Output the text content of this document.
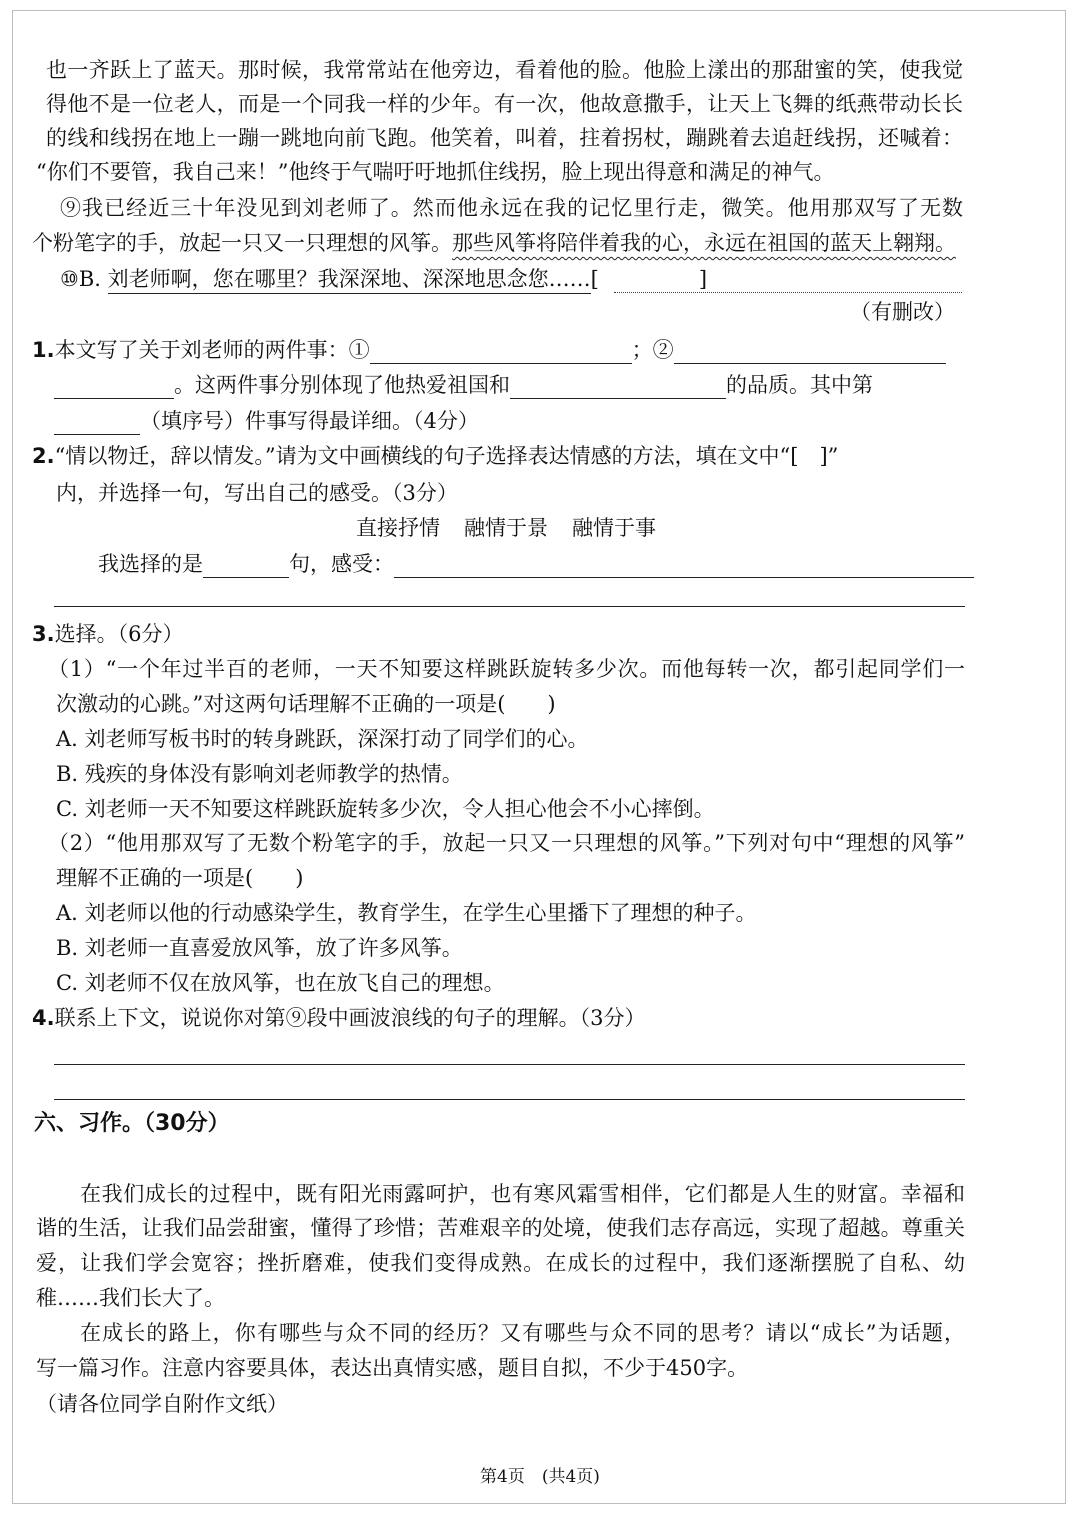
也一齐跃上了蓝天。那时候，我常常站在他旁边，看着他的脸。他脸上漾出的那甜蜜的笑，使我觉
得他不是一位老人，而是一个同我一样的少年。有一次，他故意撒手，让天上飞舞的纸燕带动长长
的线和线拐在地上一蹦一跳地向前飞跑。他笑着，叫着，拄着拐杖，蹦跳着去追赶线拐，还喊着：
“你们不要管，我自己来！”他终于气喘吁吁地抓住线拐，脸上现出得意和满足的神气。
⑨我已经近三十年没见到刘老师了。然而他永远在我的记忆里行走，微笑。他用那双写了无数
个粉笔字的手，放起一只又一只理想的风筝。那些风筝将陪伴着我的心，永远在祖国的蓝天上翱翔。
⑩B. 刘老师啊，您在哪里？我深深地、深深地思念您……[	]
（有删改）
1.本文写了关于刘老师的两件事：①	；②
。这两件事分别体现了他热爱祖国和	的品质。其中第
（填序号）件事写得最详细。（4分）
2.“情以物迁，辞以情发。”请为文中画横线的句子选择表达情感的方法，填在文中“[　]”
内，并选择一句，写出自己的感受。（3分）
直接抒情 融情于景 融情于事
我选择的是	句，感受：
3.选择。（6分）
（1）“一个年过半百的老师，一天不知要这样跳跃旋转多少次。而他每转一次，都引起同学们一
次激动的心跳。”对这两句话理解不正确的一项是(　　)
A. 刘老师写板书时的转身跳跃，深深打动了同学们的心。
B. 残疾的身体没有影响刘老师教学的热情。
C. 刘老师一天不知要这样跳跃旋转多少次，令人担心他会不小心摔倒。
（2）“他用那双写了无数个粉笔字的手，放起一只又一只理想的风筝。”下列对句中“理想的风筝”
理解不正确的一项是(　　)
A. 刘老师以他的行动感染学生，教育学生，在学生心里播下了理想的种子。
B. 刘老师一直喜爱放风筝，放了许多风筝。
C. 刘老师不仅在放风筝，也在放飞自己的理想。
4.联系上下文，说说你对第⑨段中画波浪线的句子的理解。（3分）
六、习作。（30分）
在我们成长的过程中，既有阳光雨露呵护，也有寒风霜雪相伴，它们都是人生的财富。幸福和
谐的生活，让我们品尝甜蜜，懂得了珍惜；苦难艰辛的处境，使我们志存高远，实现了超越。尊重关
爱，让我们学会宽容；挫折磨难，使我们变得成熟。在成长的过程中，我们逐渐摆脱了自私、幼
稚……我们长大了。
在成长的路上，你有哪些与众不同的经历？又有哪些与众不同的思考？请以“成长”为话题，
写一篇习作。注意内容要具体，表达出真情实感，题目自拟，不少于450字。
（请各位同学自附作文纸）
第4页　(共4页)
